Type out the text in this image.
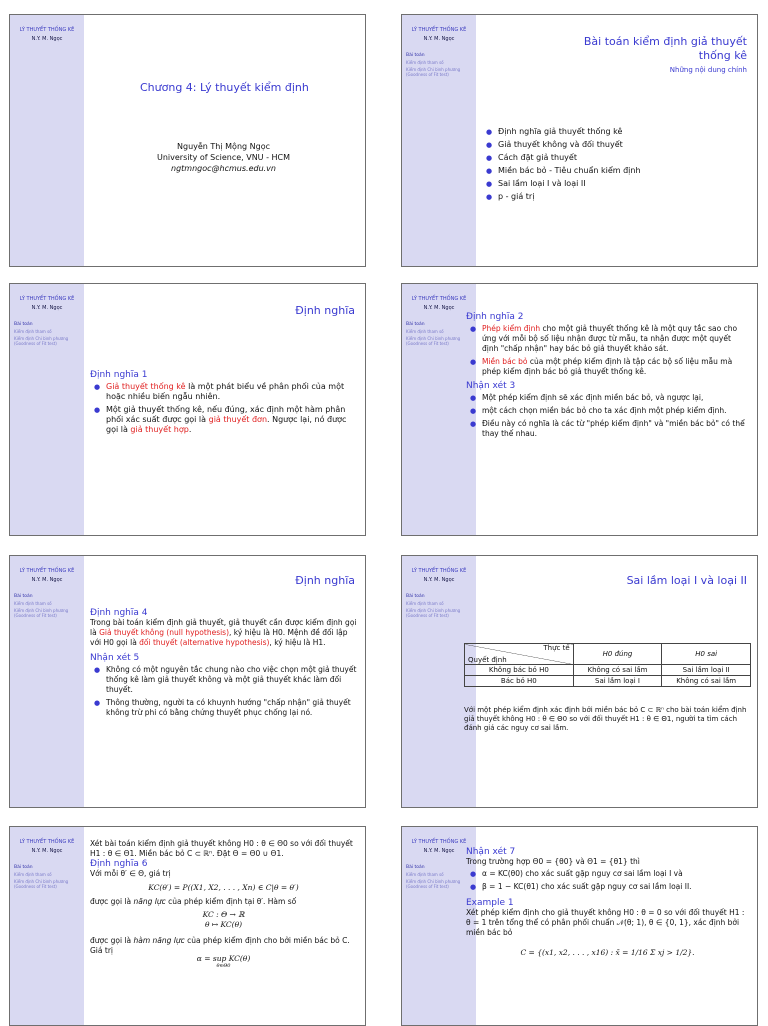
LÝ THUYẾT THỐNG KÊ
N.Y. M. Ngọc
Chương 4: Lý thuyết kiểm định
Nguyễn Thị Mộng Ngọc
University of Science, VNU - HCM
ngtmngoc@hcmus.edu.vn
LÝ THUYẾT THỐNG KÊ
N.Y. M. Ngọc
Bài toán
Kiểm định tham số
Kiểm định Chi bình phương (Goodness of Fit test)
Bài toán kiểm định giả thuyết thống kê
Những nội dung chính
● Định nghĩa giả thuyết thống kê
● Giả thuyết không và đối thuyết
● Cách đặt giả thuyết
● Miền bác bỏ - Tiêu chuẩn kiểm định
● Sai lầm loại I và loại II
● p - giá trị
LÝ THUYẾT THỐNG KÊ
N.Y. M. Ngọc
Bài toán
Kiểm định tham số
Kiểm định Chi bình phương (Goodness of Fit test)
Định nghĩa
Định nghĩa 1
● Giả thuyết thống kê là một phát biểu về phân phối của một hoặc nhiều biến ngẫu nhiên.
● Một giả thuyết thống kê, nếu đúng, xác định một hàm phân phối xác suất được gọi là giả thuyết đơn. Ngược lại, nó được gọi là giả thuyết hợp.
LÝ THUYẾT THỐNG KÊ
N.Y. M. Ngọc
Bài toán
Kiểm định tham số
Kiểm định Chi bình phương (Goodness of Fit test)
Định nghĩa 2
● Phép kiểm định cho một giả thuyết thống kê là một quy tắc sao cho ứng với mỗi bộ số liệu nhận được từ mẫu, ta nhận được một quyết định "chấp nhận" hay bác bỏ giả thuyết khảo sát.
● Miền bác bỏ của một phép kiểm định là tập các bộ số liệu mẫu mà phép kiểm định bác bỏ giả thuyết thống kê.
Nhận xét 3
● Một phép kiểm định sẽ xác định miền bác bỏ, và ngược lại,
● một cách chọn miền bác bỏ cho ta xác định một phép kiểm định.
● Điều này có nghĩa là các từ "phép kiểm định" và "miền bác bỏ" có thể thay thế nhau.
LÝ THUYẾT THỐNG KÊ
N.Y. M. Ngọc
Bài toán
Kiểm định tham số
Kiểm định Chi bình phương (Goodness of Fit test)
Định nghĩa
Định nghĩa 4
Trong bài toán kiểm định giả thuyết, giả thuyết cần được kiểm định gọi là Giả thuyết không (null hypothesis), ký hiệu là H0. Mệnh đề đối lập với H0 gọi là đối thuyết (alternative hypothesis), ký hiệu là H1.
Nhận xét 5
● Không có một nguyên tắc chung nào cho việc chọn một giả thuyết thống kê làm giả thuyết không và một giả thuyết khác làm đối thuyết.
● Thông thường, người ta có khuynh hướng "chấp nhận" giả thuyết không trừ phi có bằng chứng thuyết phục chống lại nó.
LÝ THUYẾT THỐNG KÊ
N.Y. M. Ngọc
Bài toán
Kiểm định tham số
Kiểm định Chi bình phương (Goodness of Fit test)
Sai lầm loại I và loại II
Thực tế
Quyết định	H0 đúng	H0 sai
Không bác bỏ H0	Không có sai lầm	Sai lầm loại II
Bác bỏ H0	Sai lầm loại I	Không có sai lầm
Với một phép kiểm định xác định bởi miền bác bỏ C ⊂ ℝⁿ cho bài toán kiểm định giả thuyết không H0 : θ ∈ Θ0 so với đối thuyết H1 : θ ∈ Θ1, người ta tìm cách đánh giá các nguy cơ sai lầm.
LÝ THUYẾT THỐNG KÊ
N.Y. M. Ngọc
Bài toán
Kiểm định tham số
Kiểm định Chi bình phương (Goodness of Fit test)
Xét bài toán kiểm định giả thuyết không H0 : θ ∈ Θ0 so với đối thuyết H1 : θ ∈ Θ1. Miền bác bỏ C ⊂ ℝⁿ. Đặt Θ = Θ0 ∪ Θ1.
Định nghĩa 6
Với mỗi θ′ ∈ Θ, giá trị
KC(θ′) = P((X1, X2, . . . , Xn) ∈ C|θ = θ′)
được gọi là năng lực của phép kiểm định tại θ′. Hàm số
KC : Θ → ℝ
θ ↦ KC(θ)
được gọi là hàm năng lực của phép kiểm định cho bởi miền bác bỏ C. Giá trị
α = sup KC(θ)
θ∈Θ0
LÝ THUYẾT THỐNG KÊ
N.Y. M. Ngọc
Bài toán
Kiểm định tham số
Kiểm định Chi bình phương (Goodness of Fit test)
Nhận xét 7
Trong trường hợp Θ0 = {θ0} và Θ1 = {θ1} thì
● α = KC(θ0) cho xác suất gặp nguy cơ sai lầm loại I và
● β = 1 − KC(θ1) cho xác suất gặp nguy cơ sai lầm loại II.
Example 1
Xét phép kiểm định cho giả thuyết không H0 : θ = 0 so với đối thuyết H1 : θ = 1 trên tổng thể có phân phối chuẩn 𝒩(θ; 1), θ ∈ {0, 1}, xác định bởi miền bác bỏ
C = {(x1, x2, . . . , x16) : x̄ = 1/16 Σ xj > 1/2}.
